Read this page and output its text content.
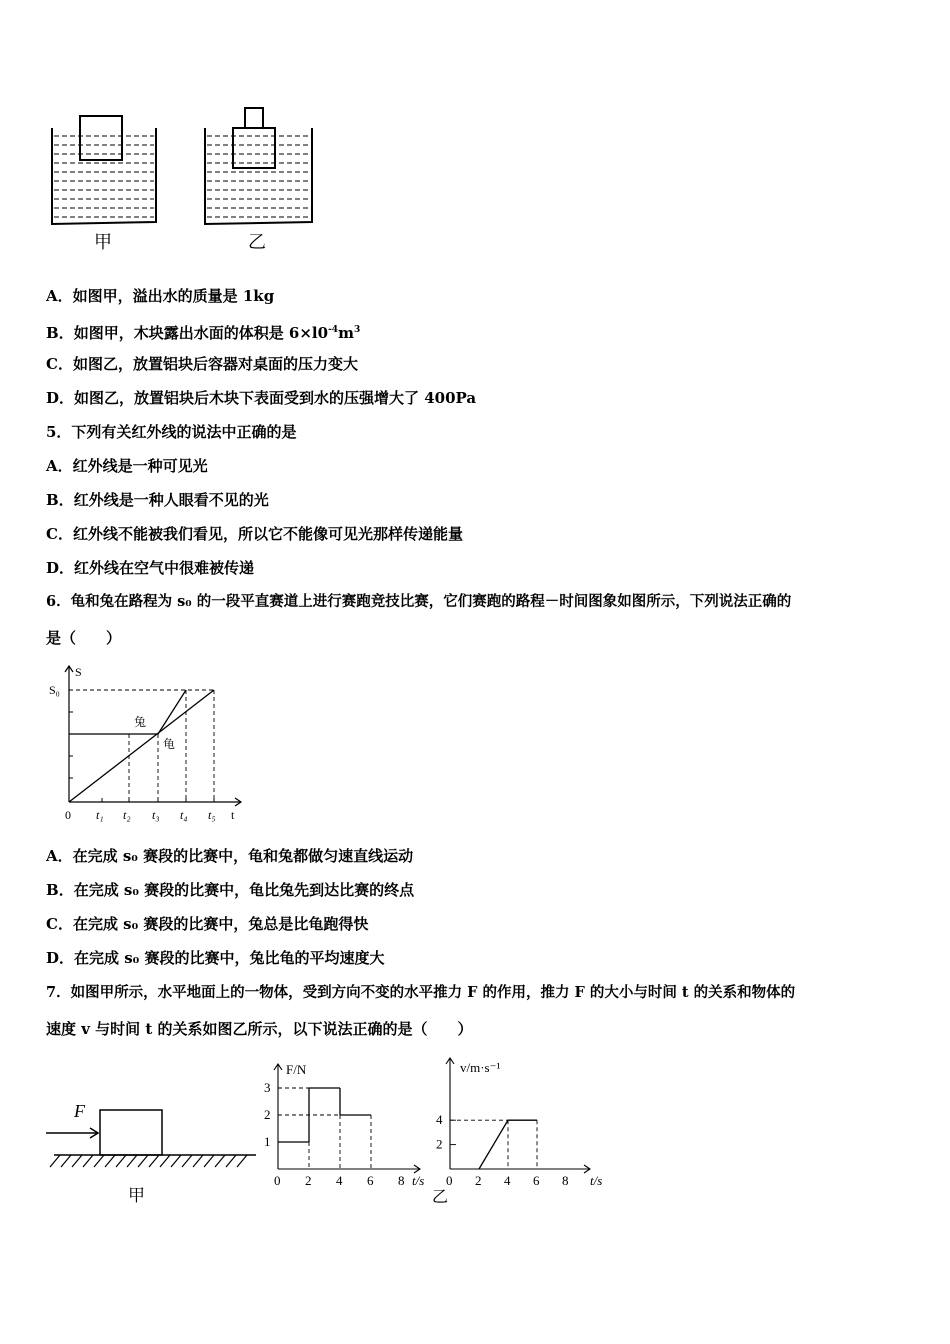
甲	乙
A．如图甲，溢出水的质量是 1kg
B．如图甲，木块露出水面的体积是 $6\times l0^{-4}m^3$
C．如图乙，放置铝块后容器对桌面的压力变大
D．如图乙，放置铝块后木块下表面受到水的压强增大了 400Pa
5．下列有关红外线的说法中正确的是
A．红外线是一种可见光
B．红外线是一种人眼看不见的光
C．红外线不能被我们看见，所以它不能像可见光那样传递能量
D．红外线在空气中很难被传递
6．龟和兔在路程为 s₀ 的一段平直赛道上进行赛跑竞技比赛，它们赛跑的路程－时间图象如图所示，下列说法正确的
是（　　）
0 t₁ t₂ t₃ t₄ t₅
S₀
S
t
兔
龟
A．在完成 s₀ 赛段的比赛中，龟和兔都做匀速直线运动
B．在完成 s₀ 赛段的比赛中，龟比兔先到达比赛的终点
C．在完成 s₀ 赛段的比赛中，兔总是比龟跑得快
D．在完成 s₀ 赛段的比赛中，兔比龟的平均速度大
7．如图甲所示，水平地面上的一物体，受到方向不变的水平推力 F 的作用，推力 F 的大小与时间 t 的关系和物体的
速度 v 与时间 t 的关系如图乙所示，以下说法正确的是（　　）
F
甲
F/N
0 2 4 6 8
1
2
3
t/s
v/m·s⁻¹
0 2 4 6 8
2
4
t/s
乙
